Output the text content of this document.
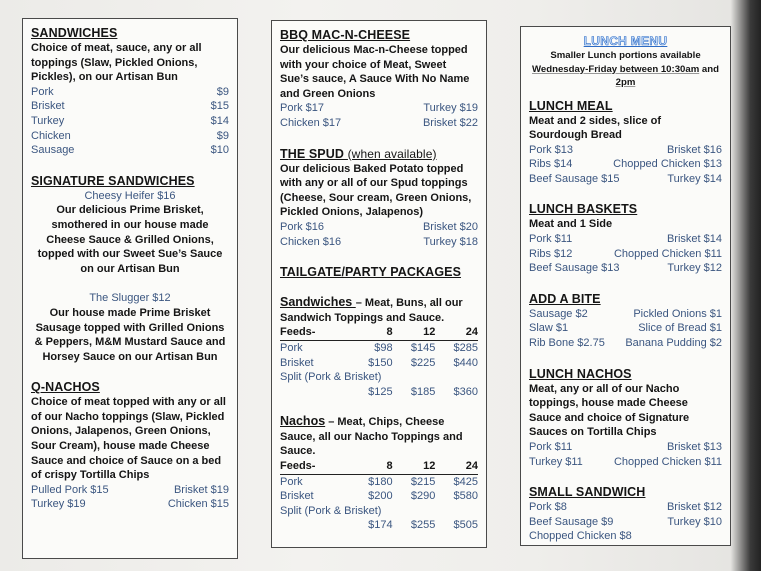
SANDWICHES
Choice of meat, sauce, any or all toppings (Slaw, Pickled Onions, Pickles), on our Artisan Bun
Pork	$9
Brisket	$15
Turkey	$14
Chicken	$9
Sausage	$10
SIGNATURE SANDWICHES
Cheesy Heifer $16
Our delicious Prime Brisket, smothered in our house made Cheese Sauce & Grilled Onions, topped with our Sweet Sue’s Sauce on our Artisan Bun
The Slugger $12
Our house made Prime Brisket Sausage topped with Grilled Onions & Peppers, M&M Mustard Sauce and Horsey Sauce on our Artisan Bun
Q-NACHOS
Choice of meat topped with any or all of our Nacho toppings (Slaw, Pickled Onions, Jalapenos, Green Onions, Sour Cream), house made Cheese Sauce and choice of Sauce on a bed of crispy Tortilla Chips
Pulled Pork $15	Brisket $19
Turkey $19	Chicken $15
BBQ MAC-N-CHEESE
Our delicious Mac-n-Cheese topped with your choice of Meat, Sweet Sue’s sauce, A Sauce With No Name and Green Onions
Pork $17	Turkey $19
Chicken $17	Brisket $22
THE SPUD (when available)
Our delicious Baked Potato topped with any or all of our Spud toppings (Cheese, Sour cream, Green Onions, Pickled Onions, Jalapenos)
Pork $16	Brisket $20
Chicken $16	Turkey $18
TAILGATE/PARTY PACKAGES
Sandwiches – Meat, Buns, all our Sandwich Toppings and Sauce.
Feeds-	8	12	24
Pork	$98	$145	$285
Brisket	$150	$225	$440
Split (Pork & Brisket)
$125	$185	$360
Nachos – Meat, Chips, Cheese Sauce, all our Nacho Toppings and Sauce.
Feeds-	8	12	24
Pork	$180	$215	$425
Brisket	$200	$290	$580
Split (Pork & Brisket)
$174	$255	$505
LUNCH MENU
Smaller Lunch portions available Wednesday-Friday between 10:30am and 2pm
LUNCH MEAL
Meat and 2 sides, slice of Sourdough Bread
Pork $13	Brisket $16
Ribs $14	Chopped Chicken $13
Beef Sausage $15	Turkey $14
LUNCH BASKETS
Meat and 1 Side
Pork $11	Brisket $14
Ribs $12	Chopped Chicken $11
Beef Sausage $13	Turkey $12
ADD A BITE
Sausage $2	Pickled Onions $1
Slaw $1	Slice of Bread $1
Rib Bone $2.75 Banana Pudding $2
LUNCH NACHOS
Meat, any or all of our Nacho toppings, house made Cheese Sauce and choice of Signature Sauces on Tortilla Chips
Pork $11	Brisket $13
Turkey $11	Chopped Chicken $11
SMALL SANDWICH
Pork $8	Brisket $12
Beef Sausage $9	Turkey $10
Chopped Chicken $8
